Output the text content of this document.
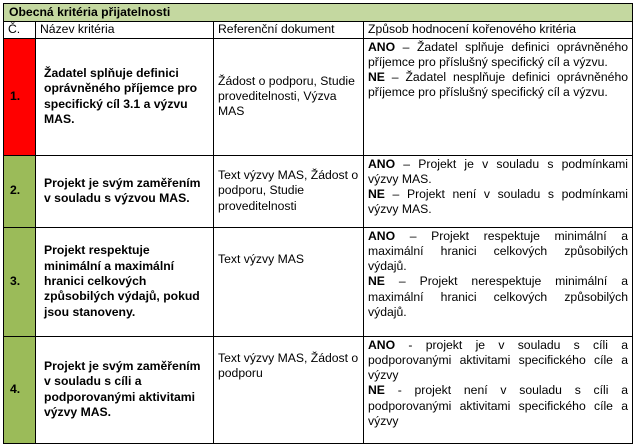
Obecná kritéria přijatelnosti			
Č.	Název kritéria	Referenční dokument	Způsob hodnocení kořenového kritéria
1.	Žadatel splňuje definici oprávněného příjemce pro specifický cíl 3.1 a výzvu MAS.	Žádost o podporu, Studie proveditelnosti, Výzva MAS	ANO – Žadatel splňuje definici oprávněného příjemce pro příslušný specifický cíl a výzvu.

NE – Žadatel nesplňuje definici oprávněného příjemce pro příslušný specifický cíl a výzvu.

2.	Projekt je svým zaměřením v souladu s výzvou MAS.	Text výzvy MAS, Žádost o podporu, Studie proveditelnosti	ANO – Projekt je v souladu s podmínkami výzvy MAS.

NE – Projekt není v souladu s podmínkami výzvy MAS.

3.	Projekt respektuje minimální a maximální hranici celkových způsobilých výdajů, pokud jsou stanoveny.	Text výzvy MAS	ANO – Projekt respektuje minimální a maximální hranici celkových způsobilých výdajů.

NE – Projekt nerespektuje minimální a maximální hranici celkových způsobilých výdajů.

4.	Projekt je svým zaměřením v souladu s cíli a podporovanými aktivitami výzvy MAS.	Text výzvy MAS, Žádost o podporu	ANO - projekt je v souladu s cíli a podporovanými aktivitami specifického cíle a výzvy

NE - projekt není v souladu s cíli a podporovanými aktivitami specifického cíle a výzvy
